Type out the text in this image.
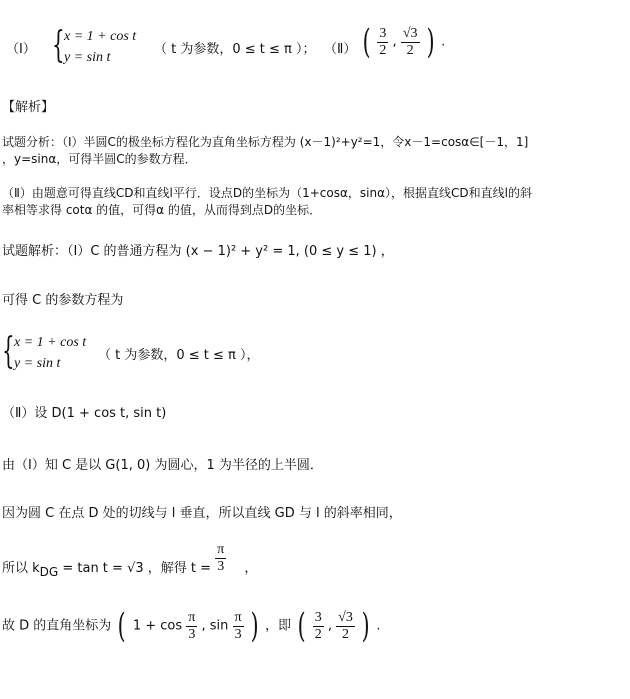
（Ⅰ） { x = 1 + cos t
y = sin t
（ t 为参数，0 ≤ t ≤ π ）； （Ⅱ） ( $\frac{3}{2}$ , $\frac{√3}{2}$ ) .
【解析】
试题分析：（Ⅰ）半圆C的极坐标方程化为直角坐标方程为 (x－1)²+y²=1，令x－1=cosα∈[－1，1]
，y=sinα，可得半圆C的参数方程．
（Ⅱ）由题意可得直线CD和直线l平行．设点D的坐标为（1+cosα，sinα），根据直线CD和直线l的斜
率相等求得 cotα 的值，可得α 的值，从而得到点D的坐标．
试题解析：（Ⅰ）C 的普通方程为 (x − 1)² + y² = 1, (0 ≤ y ≤ 1) ，
可得 C 的参数方程为
{ x = 1 + cos t
y = sin t
（ t 为参数，0 ≤ t ≤ π ），
（Ⅱ）设 D(1 + cos t, sin t)
由（Ⅰ）知 C 是以 G(1, 0) 为圆心，1 为半径的上半圆．
因为圆 C 在点 D 处的切线与 l 垂直，所以直线 GD 与 l 的斜率相同，
所以 $k_{DG} = \tan t = √3$ ，解得 $t = \frac{\pi}{3}$ ，
故 D 的直角坐标为 ( $1 + \cos \frac{\pi}{3}$ , $\sin \frac{\pi}{3}$ ) ，即 ( $\frac{3}{2}$ , $\frac{√3}{2}$ ) .
